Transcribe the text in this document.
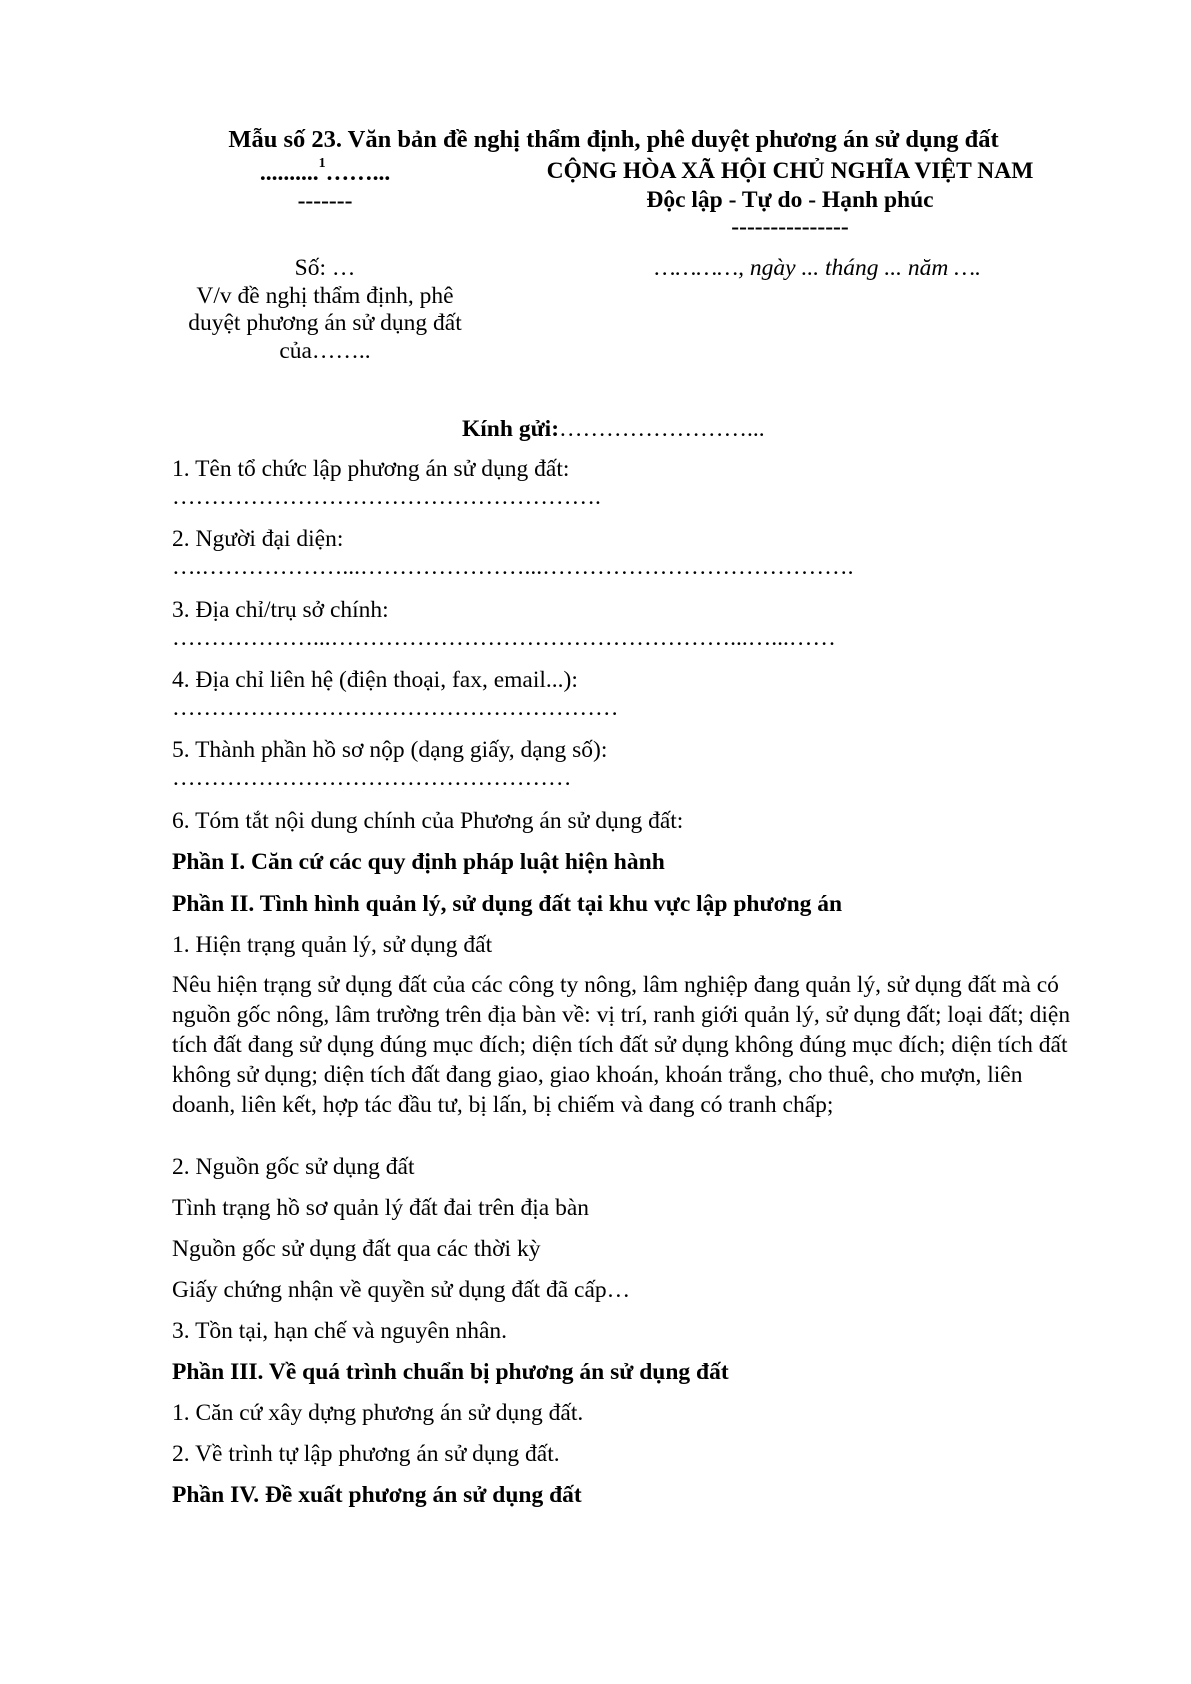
Mẫu số 23. Văn bản đề nghị thẩm định, phê duyệt phương án sử dụng đất
..........$^1$……...
-------
CỘNG HÒA XÃ HỘI CHỦ NGHĨA VIỆT NAM
Độc lập - Tự do - Hạnh phúc
---------------
Số: …
V/v đề nghị thẩm định, phê
duyệt phương án sử dụng đất
của……..
…………, ngày ... tháng ... năm ….
Kính gửi:……………………...
1. Tên tổ chức lập phương án sử dụng đất:
……………………………………………….
2. Người đại diện:
….………………...…………………...………………………………….
3. Địa chỉ/trụ sở chính:
………………...……………………………………………...…...……
4. Địa chỉ liên hệ (điện thoại, fax, email...):
…………………………………………………
5. Thành phần hồ sơ nộp (dạng giấy, dạng số):
……………………………………………
6. Tóm tắt nội dung chính của Phương án sử dụng đất:
Phần I. Căn cứ các quy định pháp luật hiện hành
Phần II. Tình hình quản lý, sử dụng đất tại khu vực lập phương án
1. Hiện trạng quản lý, sử dụng đất
Nêu hiện trạng sử dụng đất của các công ty nông, lâm nghiệp đang quản lý, sử dụng đất mà có nguồn gốc nông, lâm trường trên địa bàn về: vị trí, ranh giới quản lý, sử dụng đất; loại đất; diện tích đất đang sử dụng đúng mục đích; diện tích đất sử dụng không đúng mục đích; diện tích đất không sử dụng; diện tích đất đang giao, giao khoán, khoán trắng, cho thuê, cho mượn, liên doanh, liên kết, hợp tác đầu tư, bị lấn, bị chiếm và đang có tranh chấp;
2. Nguồn gốc sử dụng đất
Tình trạng hồ sơ quản lý đất đai trên địa bàn
Nguồn gốc sử dụng đất qua các thời kỳ
Giấy chứng nhận về quyền sử dụng đất đã cấp…
3. Tồn tại, hạn chế và nguyên nhân.
Phần III. Về quá trình chuẩn bị phương án sử dụng đất
1. Căn cứ xây dựng phương án sử dụng đất.
2. Về trình tự lập phương án sử dụng đất.
Phần IV. Đề xuất phương án sử dụng đất
